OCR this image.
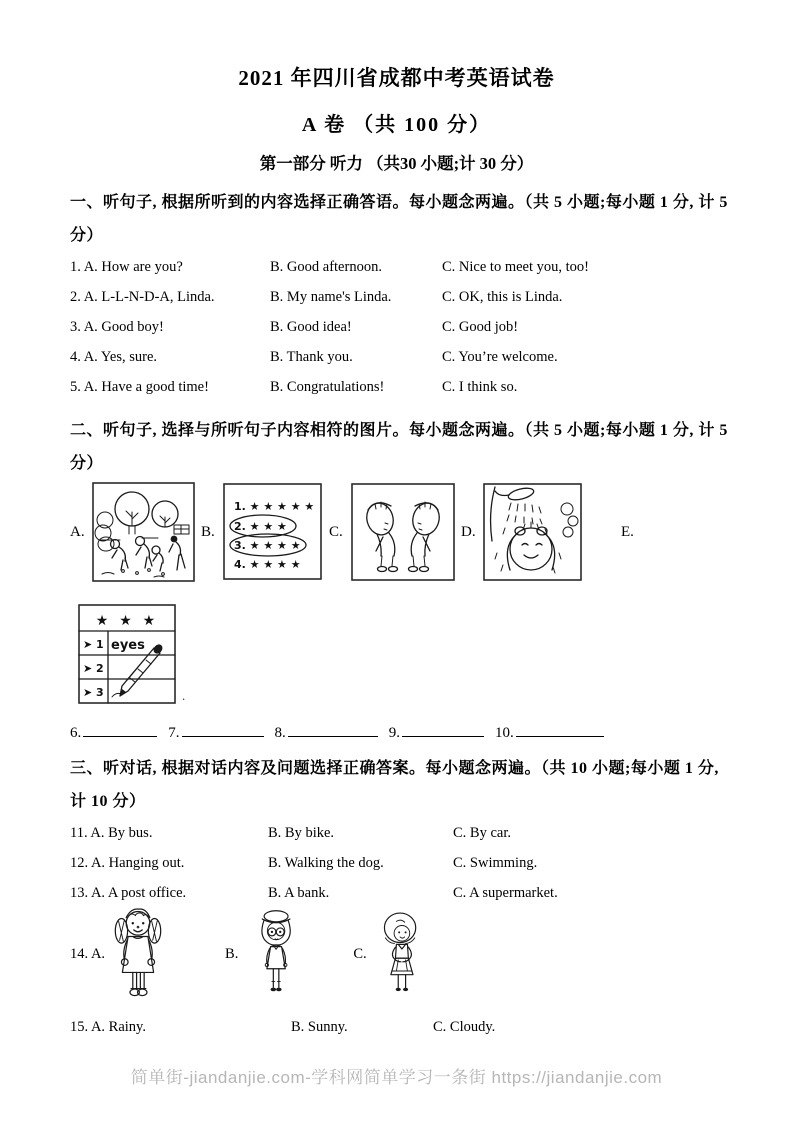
2021 年四川省成都中考英语试卷
A 卷 （共 100 分）
第一部分 听力 （共30 小题;计 30 分）
一、听句子, 根据所听到的内容选择正确答语。每小题念两遍。（共 5 小题;每小题 1 分, 计 5 分）
1. A. How are you?	B. Good afternoon.	C. Nice to meet you, too!
2. A. L-L-N-D-A, Linda.	B. My name's Linda.	C. OK, this is Linda.
3. A. Good boy!	B. Good idea!	C. Good job!
4. A. Yes, sure.	B. Thank you.	C. You’re welcome.
5. A. Have a good time!	B. Congratulations!	C. I think so.
二、听句子, 选择与所听句子内容相符的图片。每小题念两遍。（共 5 小题;每小题 1 分, 计 5 分）
A.	B.
1. ★ ★ ★ ★ ★
2. ★ ★ ★
3. ★ ★ ★ ★
4. ★ ★ ★ ★
C.	D.	E.
★ ★ ★
➤ 1
➤ 2
➤ 3
eyes
.
6.	7.	8.	9.	10.
三、听对话, 根据对话内容及问题选择正确答案。每小题念两遍。（共 10 小题;每小题 1 分, 计 10 分）
11. A. By bus.	B. By bike.	C. By car.
12. A. Hanging out.	B. Walking the dog.	C. Swimming.
13. A. A post office.	B. A bank.	C. A supermarket.
14. A.	B.	C.
15. A. Rainy.	B. Sunny.	C. Cloudy.
简单街-jiandanjie.com-学科网简单学习一条街 https://jiandanjie.com
